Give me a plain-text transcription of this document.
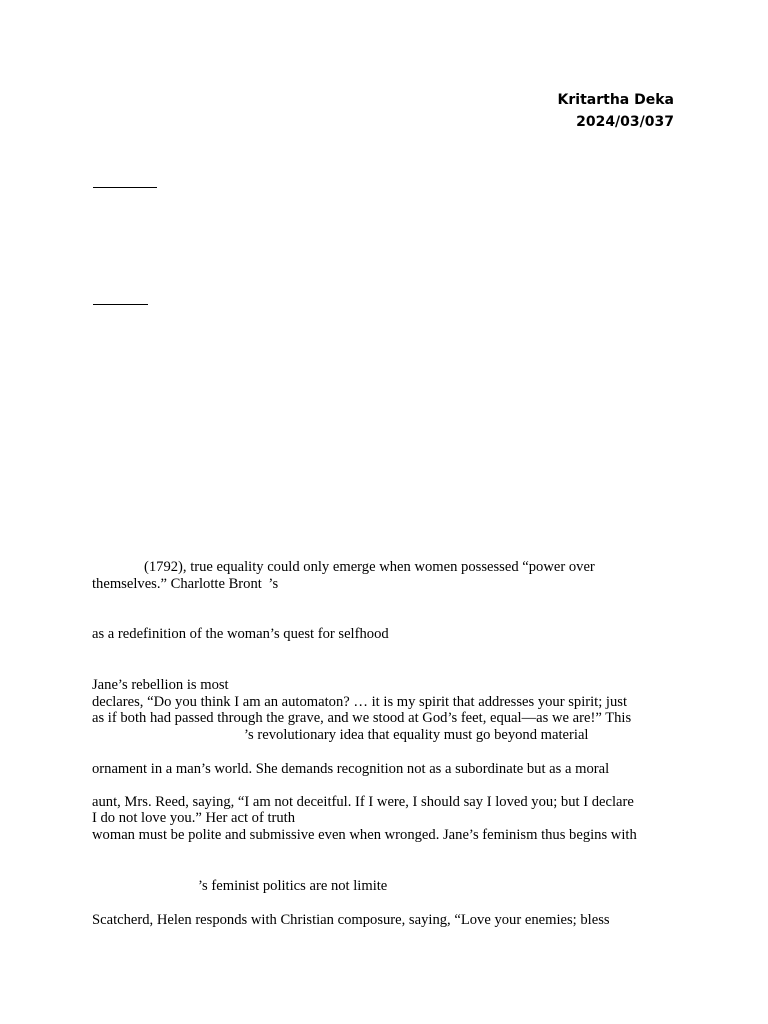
Kritartha Deka
2024/03/037
(1792), true equality could only emerge when women possessed “power over
themselves.” Charlotte Bront  ’s
as a redefinition of the woman’s quest for selfhood
Jane’s rebellion is most
declares, “Do you think I am an automaton? … it is my spirit that addresses your spirit; just
as if both had passed through the grave, and we stood at God’s feet, equal—as we are!” This
’s revolutionary idea that equality must go beyond material
ornament in a man’s world. She demands recognition not as a subordinate but as a moral
aunt, Mrs. Reed, saying, “I am not deceitful. If I were, I should say I loved you; but I declare
I do not love you.” Her act of truth
woman must be polite and submissive even when wronged. Jane’s feminism thus begins with
’s feminist politics are not limite
Scatcherd, Helen responds with Christian composure, saying, “Love your enemies; bless
